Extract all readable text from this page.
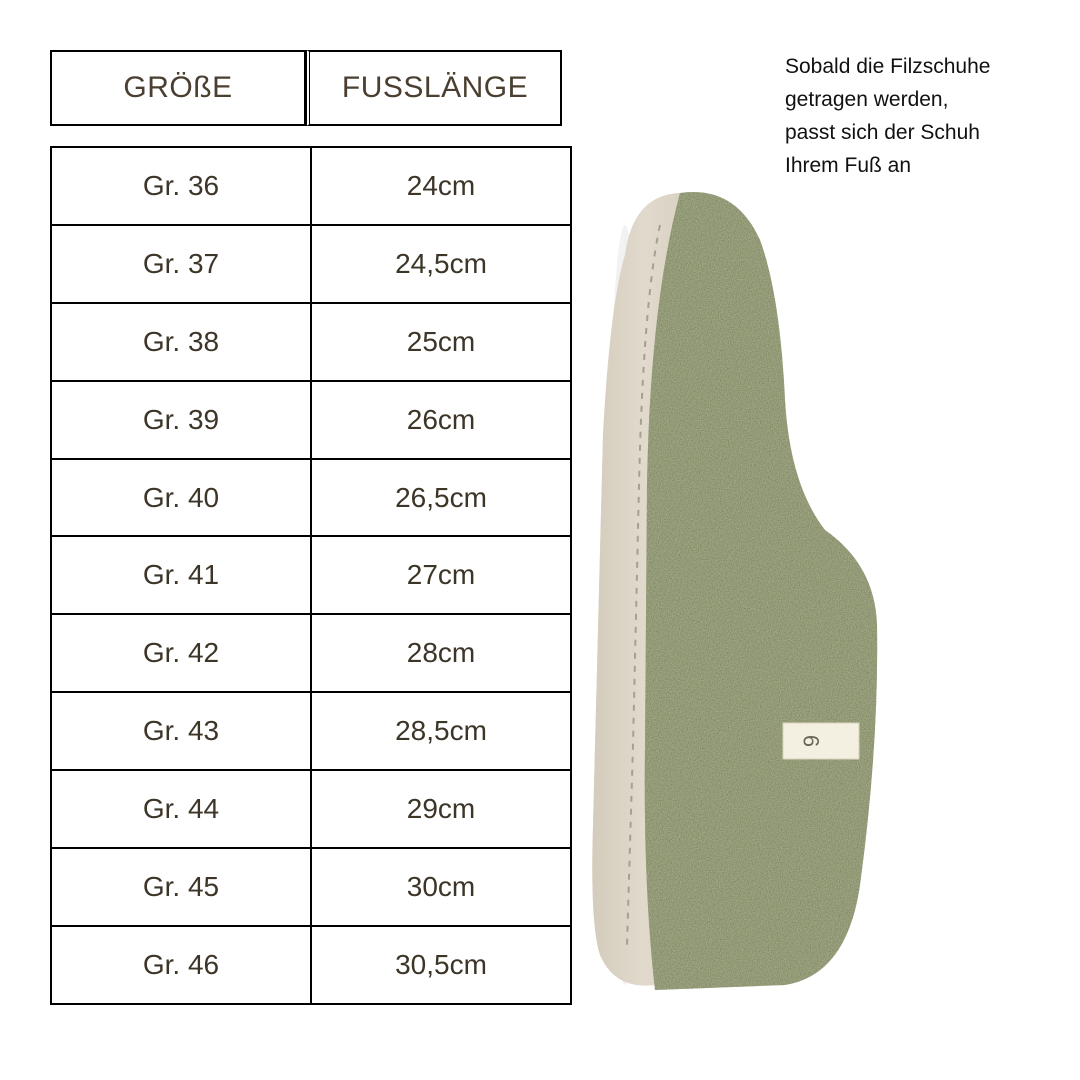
GRÖßE	FUSSLÄNGE
Gr. 36	24cm
Gr. 37	24,5cm
Gr. 38	25cm
Gr. 39	26cm
Gr. 40	26,5cm
Gr. 41	27cm
Gr. 42	28cm
Gr. 43	28,5cm
Gr. 44	29cm
Gr. 45	30cm
Gr. 46	30,5cm
Sobald die Filzschuhe
getragen werden,
passt sich der Schuh
Ihrem Fuß an
6
